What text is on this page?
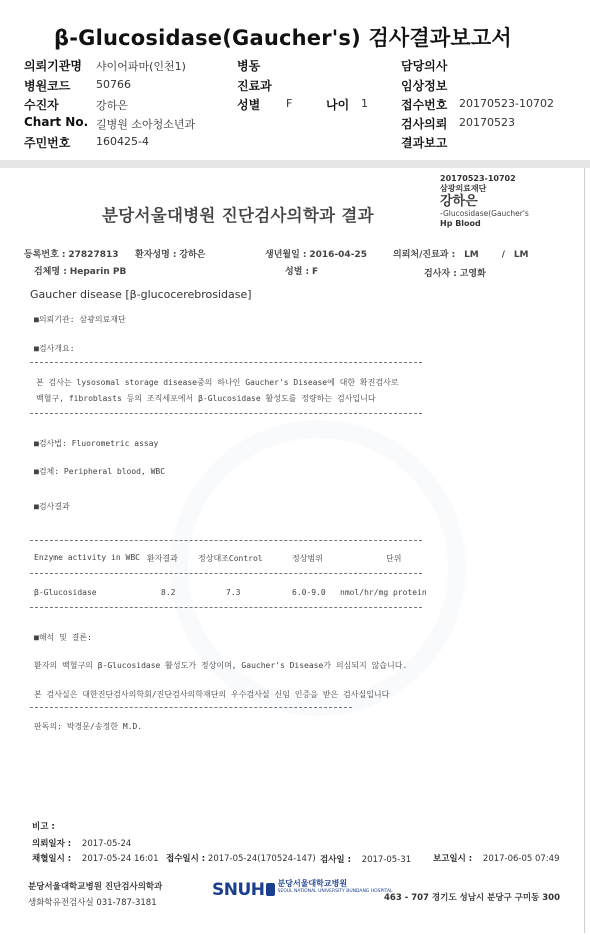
β-Glucosidase(Gaucher's) 검사결과보고서
의뢰기관명 샤이어파마(인천1)
병원코드 50766
수진자	강하은
Chart No. 길병원 소아청소년과
주민번호 160425-4
병동
진료과
성별 F	나이 1
담당의사
임상정보
접수번호 20170523-10702
검사의뢰 20170523
결과보고
분당서울대병원 진단검사의학과 결과
20170523-10702
삼광의료재단
강하은
-Glucosidase(Gaucher's
Hp Blood
등록번호 : 27827813 환자성명 : 강하은	생년월일 : 2016-04-25	의뢰처/진료과 : LM	/ LM
검체명 : Heparin PB	성별 : F	검사자 : 고영화
Gaucher disease [β-glucocerebrosidase]
■의뢰기관: 삼광의료재단
■검사개요:
본 검사는 lysosomal storage disease중의 하나인 Gaucher's Disease에 대한 확진검사로
백혈구, fibroblasts 등의 조직세포에서 β-Glucosidase 활성도를 정량하는 검사입니다
■검사법: Fluorometric assay
■검체: Peripheral blood, WBC
■검사결과
Enzyme activity in WBC 환자결과	정상대조Control	정상범위	단위
β-Glucosidase	8.2	7.3	6.0-9.0 nmol/hr/mg protein
■해석 및 결론:
환자의 백혈구의 β-Glucosidase 활성도가 정상이며, Gaucher's Disease가 의심되지 않습니다.
본 검사실은 대한진단검사의학회/진단검사의학재단의 우수검사실 신임 인증을 받은 검사실입니다
판독의: 박경문/송정한 M.D.
비고 :
의뢰일자 : 2017-05-24
채혈일시 : 2017-05-24 16:01 접수일시 : 2017-05-24(170524-147) 검사일 : 2017-05-31	보고일시 : 2017-06-05 07:49
분당서울대학교병원 진단검사의학과
생화학유전검사실 031-787-3181
SNUH 분당서울대학교병원
SEOUL NATIONAL UNIVERSITY BUNDANG HOSPITAL
463 - 707 경기도 성남시 분당구 구미동 300
